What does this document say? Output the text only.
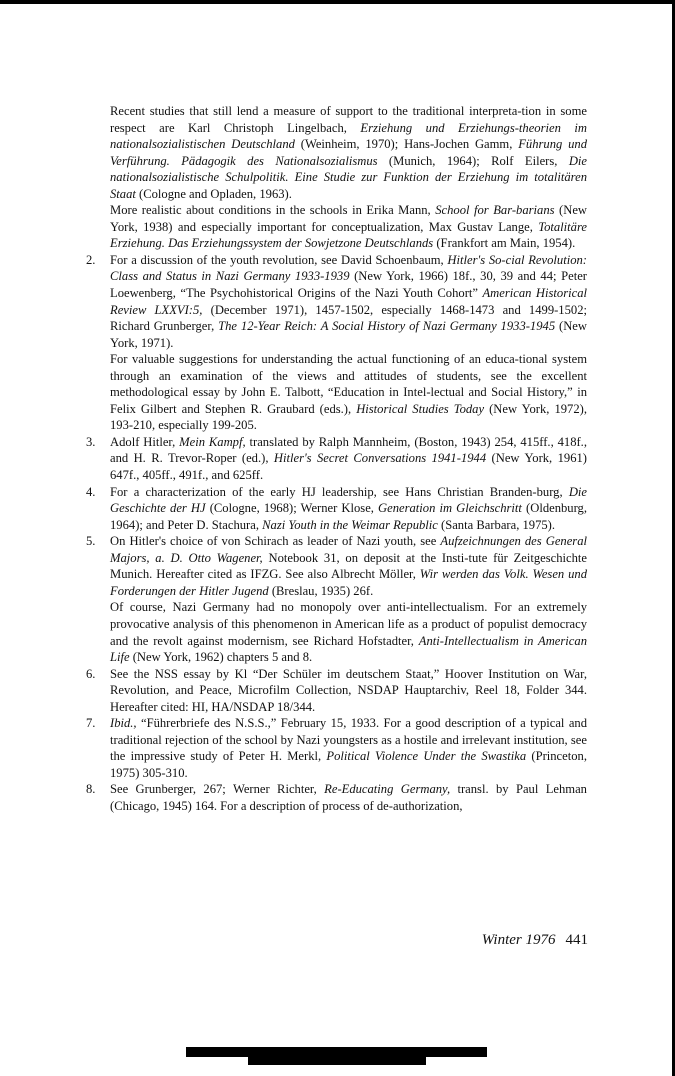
Recent studies that still lend a measure of support to the traditional interpreta-tion in some respect are Karl Christoph Lingelbach, Erziehung und Erziehungs-theorien im nationalsozialistischen Deutschland (Weinheim, 1970); Hans-Jochen Gamm, Führung und Verführung. Pädagogik des Nationalsozialismus (Munich, 1964); Rolf Eilers, Die nationalsozialistische Schulpolitik. Eine Studie zur Funktion der Erziehung im totalitären Staat (Cologne and Opladen, 1963).

More realistic about conditions in the schools in Erika Mann, School for Bar-barians (New York, 1938) and especially important for conceptualization, Max Gustav Lange, Totalitäre Erziehung. Das Erziehungssystem der Sowjetzone Deutschlands (Frankfort am Main, 1954).

2.	For a discussion of the youth revolution, see David Schoenbaum, Hitler's So-cial Revolution: Class and Status in Nazi Germany 1933-1939 (New York, 1966) 18f., 30, 39 and 44; Peter Loewenberg, “The Psychohistorical Origins of the Nazi Youth Cohort” American Historical Review LXXVI:5, (December 1971), 1457-1502, especially 1468-1473 and 1499-1502; Richard Grunberger, The 12-Year Reich: A Social History of Nazi Germany 1933-1945 (New York, 1971).

For valuable suggestions for understanding the actual functioning of an educa-tional system through an examination of the views and attitudes of students, see the excellent methodological essay by John E. Talbott, “Education in Intel-lectual and Social History,” in Felix Gilbert and Stephen R. Graubard (eds.), Historical Studies Today (New York, 1972), 193-210, especially 199-205.

3.	Adolf Hitler, Mein Kampf, translated by Ralph Mannheim, (Boston, 1943) 254, 415ff., 418f., and H. R. Trevor-Roper (ed.), Hitler's Secret Conversations 1941-1944 (New York, 1961) 647f., 405ff., 491f., and 625ff.

4.	For a characterization of the early HJ leadership, see Hans Christian Branden-burg, Die Geschichte der HJ (Cologne, 1968); Werner Klose, Generation im Gleichschritt (Oldenburg, 1964); and Peter D. Stachura, Nazi Youth in the Weimar Republic (Santa Barbara, 1975).

5.	On Hitler's choice of von Schirach as leader of Nazi youth, see Aufzeichnungen des General Majors, a. D. Otto Wagener, Notebook 31, on deposit at the Insti-tute für Zeitgeschichte Munich. Hereafter cited as IFZG. See also Albrecht Möller, Wir werden das Volk. Wesen und Forderungen der Hitler Jugend (Breslau, 1935) 26f.

Of course, Nazi Germany had no monopoly over anti-intellectualism. For an extremely provocative analysis of this phenomenon in American life as a product of populist democracy and the revolt against modernism, see Richard Hofstadter, Anti-Intellectualism in American Life (New York, 1962) chapters 5 and 8.

6.	See the NSS essay by Kl “Der Schüler im deutschem Staat,” Hoover Institution on War, Revolution, and Peace, Microfilm Collection, NSDAP Hauptarchiv, Reel 18, Folder 344. Hereafter cited: HI, HA/NSDAP 18/344.

7.	Ibid., “Führerbriefe des N.S.S.,” February 15, 1933. For a good description of a typical and traditional rejection of the school by Nazi youngsters as a hostile and irrelevant institution, see the impressive study of Peter H. Merkl, Political Violence Under the Swastika (Princeton, 1975) 305-310.

8.	See Grunberger, 267; Werner Richter, Re-Educating Germany, transl. by Paul Lehman (Chicago, 1945) 164. For a description of process of de-authorization,

Winter 1976 441
